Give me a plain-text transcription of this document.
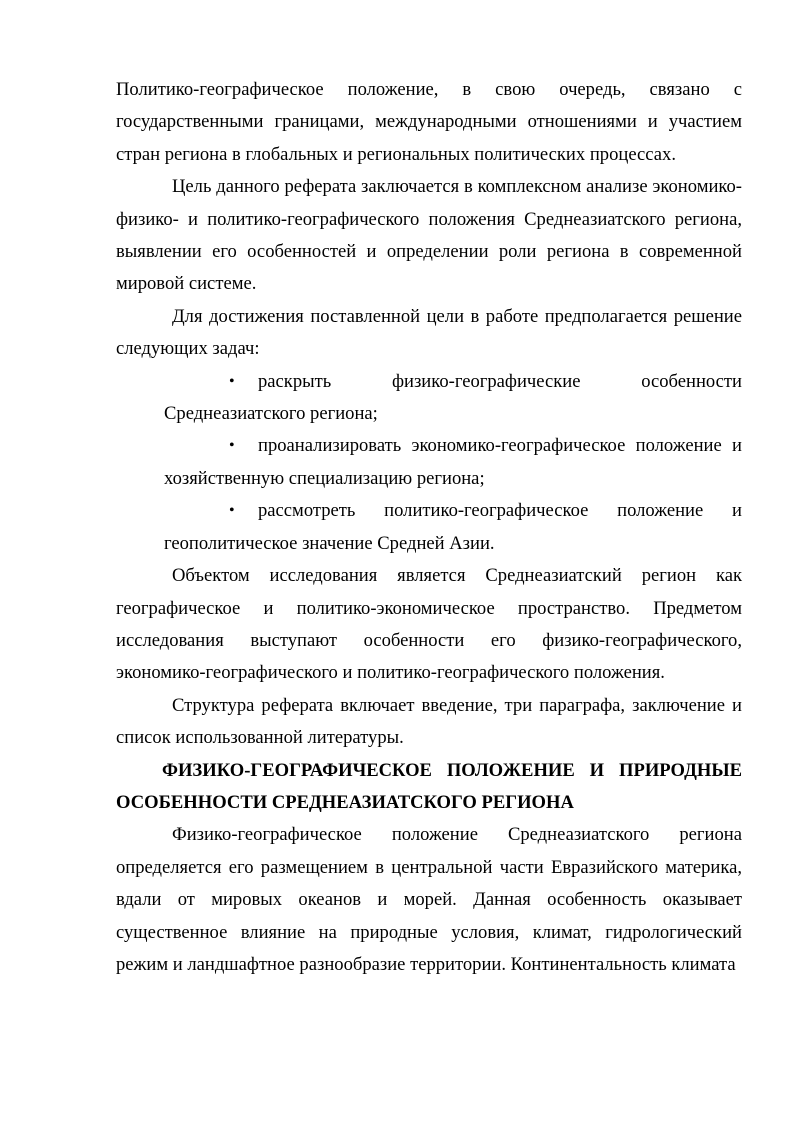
Политико-географическое положение, в свою очередь, связано с государственными границами, международными отношениями и участием стран региона в глобальных и региональных политических процессах.

Цель данного реферата заключается в комплексном анализе экономико-физико- и политико-географического положения Среднеазиатского региона, выявлении его особенностей и определении роли региона в современной мировой системе.

Для достижения поставленной цели в работе предполагается решение следующих задач:

• раскрыть физико-географические особенности Среднеазиатского региона;

• проанализировать экономико-географическое положение и хозяйственную специализацию региона;

• рассмотреть политико-географическое положение и геополитическое значение Средней Азии.

Объектом исследования является Среднеазиатский регион как географическое и политико-экономическое пространство. Предметом исследования выступают особенности его физико-географического, экономико-географического и политико-географического положения.

Структура реферата включает введение, три параграфа, заключение и список использованной литературы.

ФИЗИКО-ГЕОГРАФИЧЕСКОЕ ПОЛОЖЕНИЕ И ПРИРОДНЫЕ ОСОБЕННОСТИ СРЕДНЕАЗИАТСКОГО РЕГИОНА

Физико-географическое положение Среднеазиатского региона определяется его размещением в центральной части Евразийского материка, вдали от мировых океанов и морей. Данная особенность оказывает существенное влияние на природные условия, климат, гидрологический режим и ландшафтное разнообразие территории. Континентальность климата
